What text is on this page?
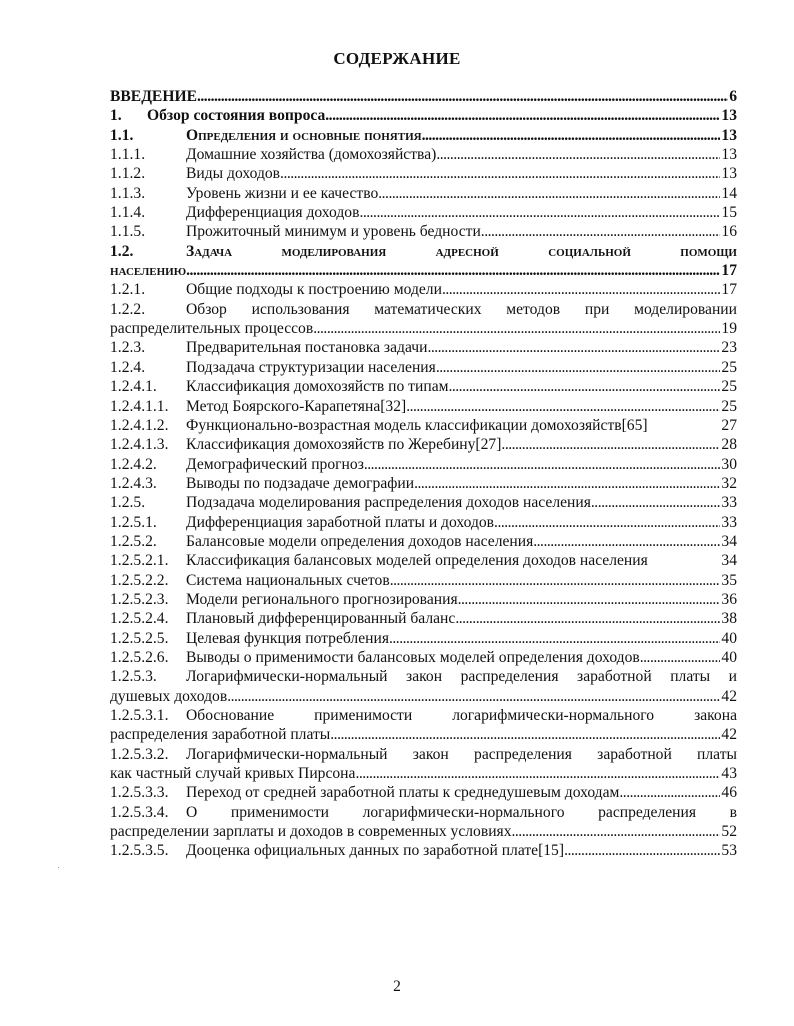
СОДЕРЖАНИЕ
ВВЕДЕНИЕ . . .	6
1. Обзор состояния вопроса . . .	13
1.1.	Определения и основные понятия . . .	13
1.1.1.	Домашние хозяйства (домохозяйства) . . .	13
1.1.2.	Виды доходов . . .	13
1.1.3.	Уровень жизни и ее качество . . .	14
1.1.4.	Дифференциация доходов . . .	15
1.1.5.	Прожиточный минимум и уровень бедности . . .	16
1.2.	Задача моделирования адресной социальной помощи
населению . . .	17
1.2.1.	Общие подходы к построению модели . . .	17
1.2.2.	Обзор использования математических методов при моделировании
распределительных процессов . . .	19
1.2.3.	Предварительная постановка задачи . . .	23
1.2.4.	Подзадача структуризации населения . . .	25
1.2.4.1. Классификация домохозяйств по типам . . .	25
1.2.4.1.1. Метод Боярского-Карапетяна[32] . . .	25
1.2.4.1.2. Функционально-возрастная модель классификации домохозяйств[65]	27
1.2.4.1.3. Классификация домохозяйств по Жеребину[27] . . .	28
1.2.4.2. Демографический прогноз . . .	30
1.2.4.3. Выводы по подзадаче демографии . . .	32
1.2.5.	Подзадача моделирования распределения доходов населения . . .	33
1.2.5.1. Дифференциация заработной платы и доходов . . .	33
1.2.5.2. Балансовые модели определения доходов населения . . .	34
1.2.5.2.1. Классификация балансовых моделей определения доходов населения	34
1.2.5.2.2. Система национальных счетов . . .	35
1.2.5.2.3. Модели регионального прогнозирования . . .	36
1.2.5.2.4. Плановый дифференцированный баланс . . .	38
1.2.5.2.5. Целевая функция потребления . . .	40
1.2.5.2.6. Выводы о применимости балансовых моделей определения доходов . . .	40
1.2.5.3. Логарифмически-нормальный закон распределения заработной платы и
душевых доходов . . .	42
1.2.5.3.1. Обоснование применимости логарифмически-нормального закона
распределения заработной платы . . .	42
1.2.5.3.2. Логарифмически-нормальный закон распределения заработной платы
как частный случай кривых Пирсона . . .	43
1.2.5.3.3. Переход от средней заработной платы к среднедушевым доходам . . .	46
1.2.5.3.4. О применимости логарифмически-нормального распределения в
распределении зарплаты и доходов в современных условиях . . .	52
1.2.5.3.5. Дооценка официальных данных по заработной плате[15] . . .	53
2
